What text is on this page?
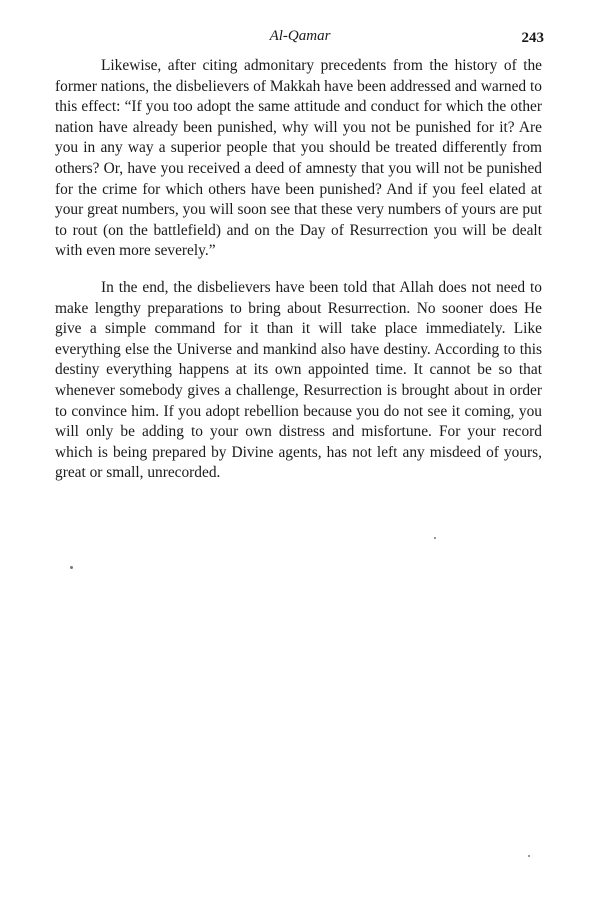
Al-Qamar	243

Likewise, after citing admonitary precedents from the history of the former nations, the disbelievers of Makkah have been addressed and warned to this effect: “If you too adopt the same attitude and conduct for which the other nation have already been punished, why will you not be punished for it? Are you in any way a superior people that you should be treated differently from others? Or, have you received a deed of amnesty that you will not be punished for the crime for which others have been punished? And if you feel elated at your great numbers, you will soon see that these very numbers of yours are put to rout (on the battlefield) and on the Day of Resurrection you will be dealt with even more severely.”

In the end, the disbelievers have been told that Allah does not need to make lengthy preparations to bring about Resurrection. No sooner does He give a simple command for it than it will take place immediately. Like everything else the Universe and mankind also have destiny. According to this destiny everything happens at its own appointed time. It cannot be so that whenever somebody gives a challenge, Resurrection is brought about in order to convince him. If you adopt rebellion because you do not see it coming, you will only be adding to your own distress and misfortune. For your record which is being prepared by Divine agents, has not left any misdeed of yours, great or small, unrecorded.
